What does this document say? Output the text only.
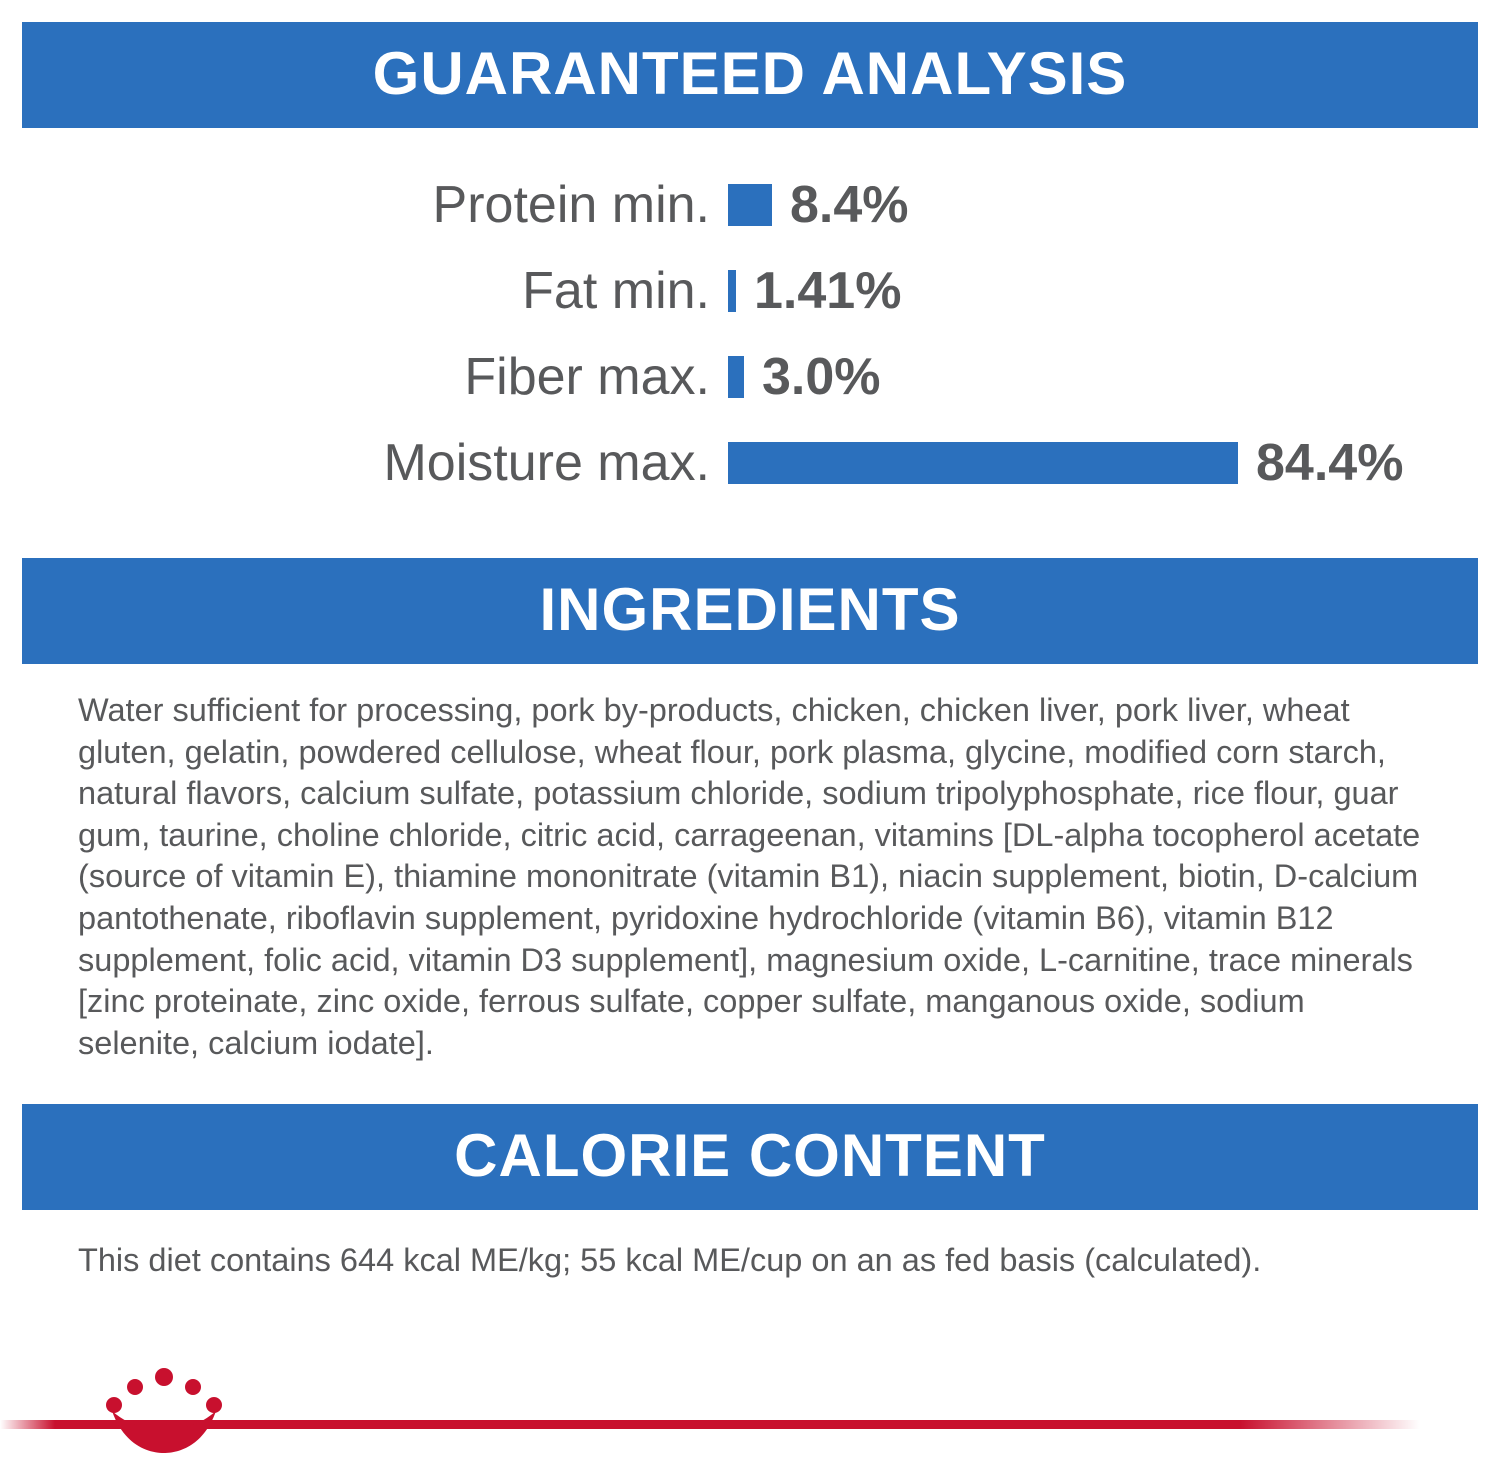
GUARANTEED ANALYSIS
Protein min.	8.4%
Fat min. 1.41%
Fiber max.	3.0%
Moisture max.	84.4%
INGREDIENTS
Water sufficient for processing, pork by-products, chicken, chicken liver, pork liver, wheat gluten, gelatin, powdered cellulose, wheat flour, pork plasma, glycine, modified corn starch, natural flavors, calcium sulfate, potassium chloride, sodium tripolyphosphate, rice flour, guar gum, taurine, choline chloride, citric acid, carrageenan, vitamins [DL-alpha tocopherol acetate (source of vitamin E), thiamine mononitrate (vitamin B1), niacin supplement, biotin, D-calcium pantothenate, riboflavin supplement, pyridoxine hydrochloride (vitamin B6), vitamin B12 supplement, folic acid, vitamin D3 supplement], magnesium oxide, L-carnitine, trace minerals [zinc proteinate, zinc oxide, ferrous sulfate, copper sulfate, manganous oxide, sodium selenite, calcium iodate].
CALORIE CONTENT
This diet contains 644 kcal ME/kg; 55 kcal ME/cup on an as fed basis (calculated).
